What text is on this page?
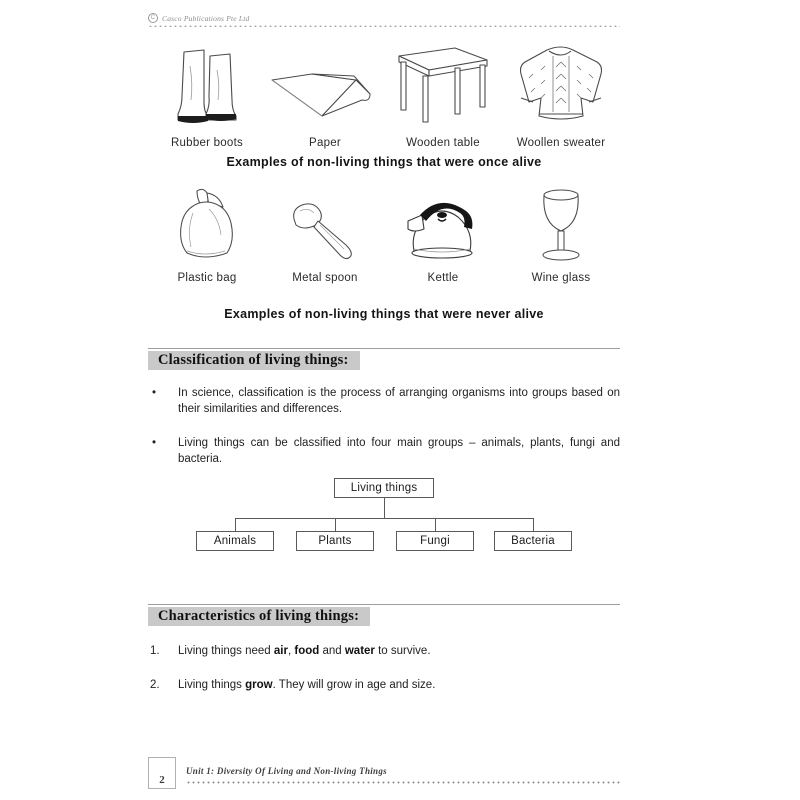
C Casco Publications Pte Ltd
Rubber boots	Paper	Wooden table	Woollen sweater
Examples of non-living things that were once alive
Plastic bag	Metal spoon	Kettle	Wine glass
Examples of non-living things that were never alive
Classification of living things:
•	In science, classification is the process of arranging organisms into groups based on their similarities and differences.
•	Living things can be classified into four main groups – animals, plants, fungi and bacteria.
Living things
Animals	Plants	Fungi	Bacteria
Characteristics of living things:
1.	Living things need air, food and water to survive.
2.	Living things grow. They will grow in age and size.
2
Unit 1: Diversity Of Living and Non-living Things
